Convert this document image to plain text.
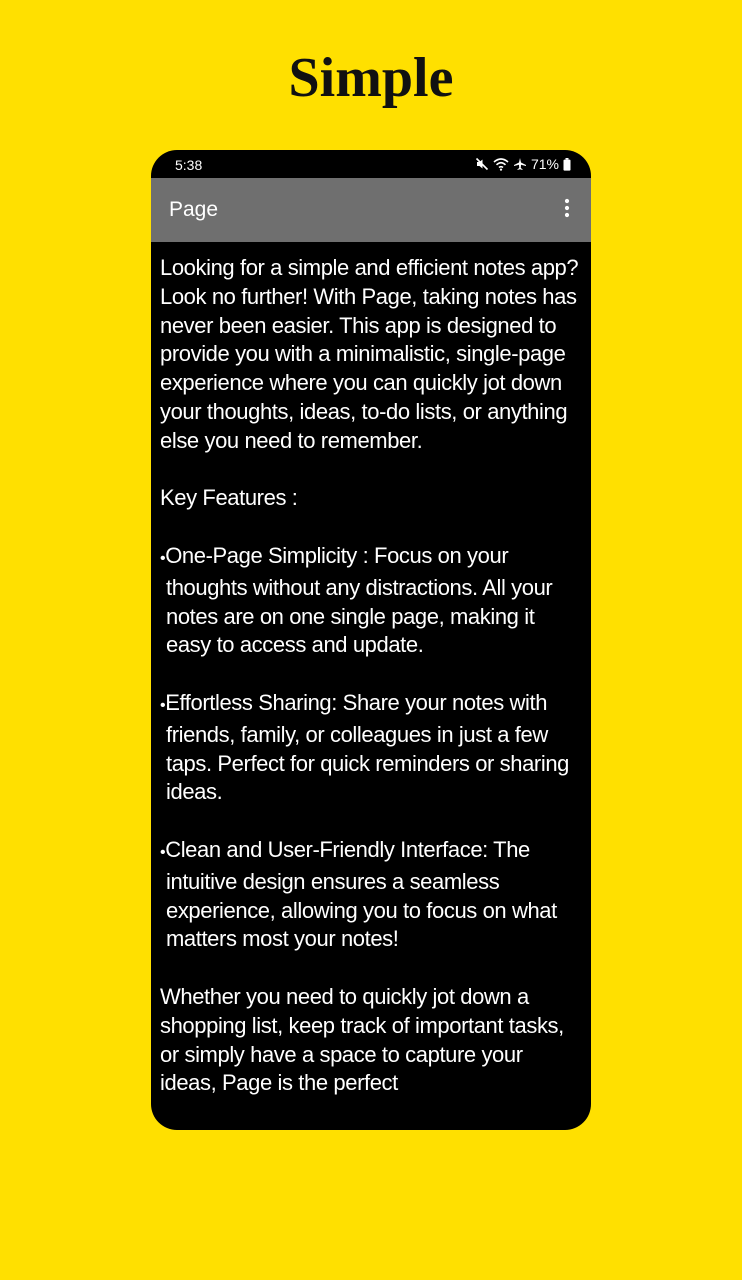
Simple
5:38	71%
Page

Looking for a simple and efficient notes app? Look no further! With Page, taking notes has never been easier. This app is designed to provide you with a minimalistic, single-page experience where you can quickly jot down your thoughts, ideas, to-do lists, or anything else you need to remember.

Key Features :

•One-Page Simplicity : Focus on your thoughts without any distractions. All your notes are on one single page, making it easy to access and update.

•Effortless Sharing: Share your notes with friends, family, or colleagues in just a few taps. Perfect for quick reminders or sharing ideas.

•Clean and User-Friendly Interface: The intuitive design ensures a seamless experience, allowing you to focus on what matters most your notes!

Whether you need to quickly jot down a shopping list, keep track of important tasks, or simply have a space to capture your ideas, Page is the perfect
